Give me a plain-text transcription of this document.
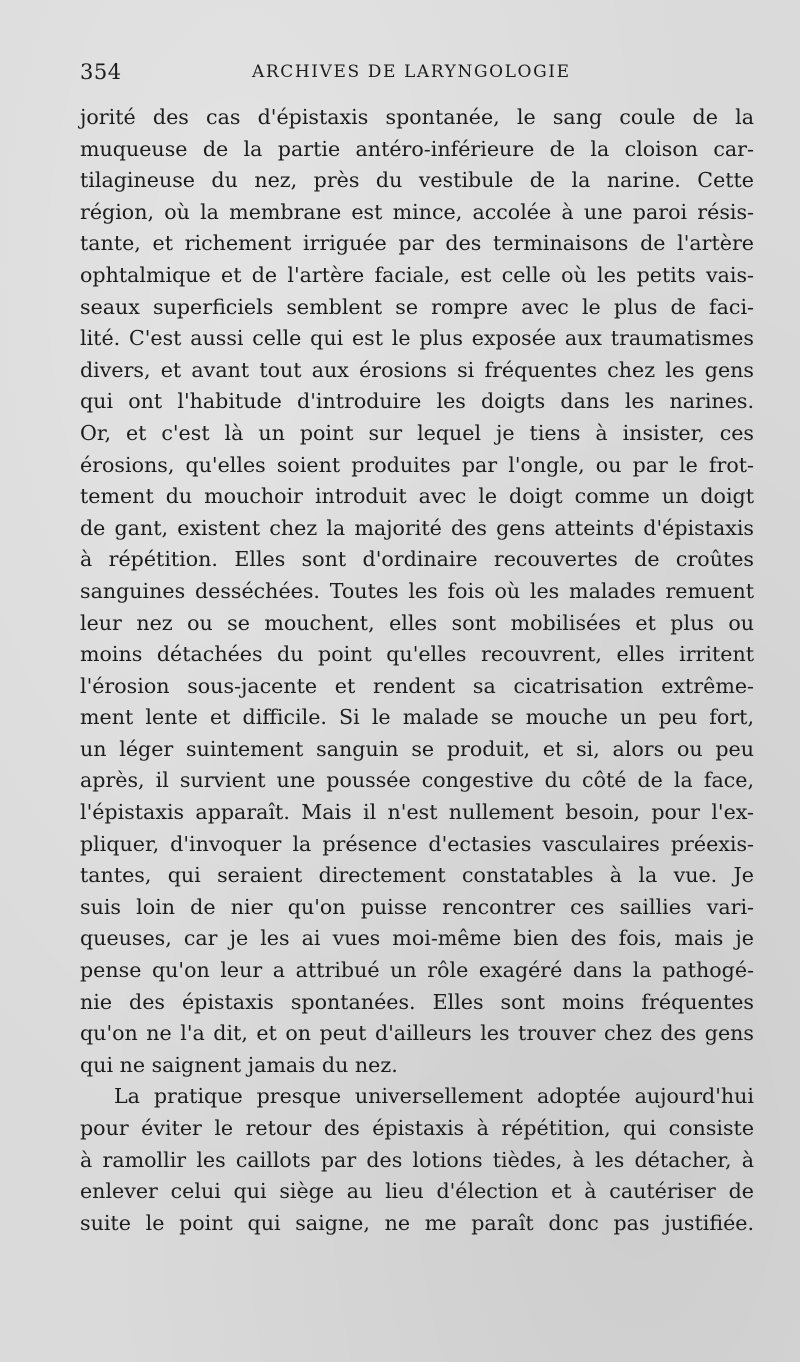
354	ARCHIVES DE LARYNGOLOGIE
jorité des cas d'épistaxis spontanée, le sang coule de la
muqueuse de la partie antéro-inférieure de la cloison car-
tilagineuse du nez, près du vestibule de la narine. Cette
région, où la membrane est mince, accolée à une paroi résis-
tante, et richement irriguée par des terminaisons de l'artère
ophtalmique et de l'artère faciale, est celle où les petits vais-
seaux superficiels semblent se rompre avec le plus de faci-
lité. C'est aussi celle qui est le plus exposée aux traumatismes
divers, et avant tout aux érosions si fréquentes chez les gens
qui ont l'habitude d'introduire les doigts dans les narines.
Or, et c'est là un point sur lequel je tiens à insister, ces
érosions, qu'elles soient produites par l'ongle, ou par le frot-
tement du mouchoir introduit avec le doigt comme un doigt
de gant, existent chez la majorité des gens atteints d'épistaxis
à répétition. Elles sont d'ordinaire recouvertes de croûtes
sanguines desséchées. Toutes les fois où les malades remuent
leur nez ou se mouchent, elles sont mobilisées et plus ou
moins détachées du point qu'elles recouvrent, elles irritent
l'érosion sous-jacente et rendent sa cicatrisation extrême-
ment lente et difficile. Si le malade se mouche un peu fort,
un léger suintement sanguin se produit, et si, alors ou peu
après, il survient une poussée congestive du côté de la face,
l'épistaxis apparaît. Mais il n'est nullement besoin, pour l'ex-
pliquer, d'invoquer la présence d'ectasies vasculaires préexis-
tantes, qui seraient directement constatables à la vue. Je
suis loin de nier qu'on puisse rencontrer ces saillies vari-
queuses, car je les ai vues moi-même bien des fois, mais je
pense qu'on leur a attribué un rôle exagéré dans la pathogé-
nie des épistaxis spontanées. Elles sont moins fréquentes
qu'on ne l'a dit, et on peut d'ailleurs les trouver chez des gens
qui ne saignent jamais du nez.
La pratique presque universellement adoptée aujourd'hui
pour éviter le retour des épistaxis à répétition, qui consiste
à ramollir les caillots par des lotions tièdes, à les détacher, à
enlever celui qui siège au lieu d'élection et à cautériser de
suite le point qui saigne, ne me paraît donc pas justifiée.
